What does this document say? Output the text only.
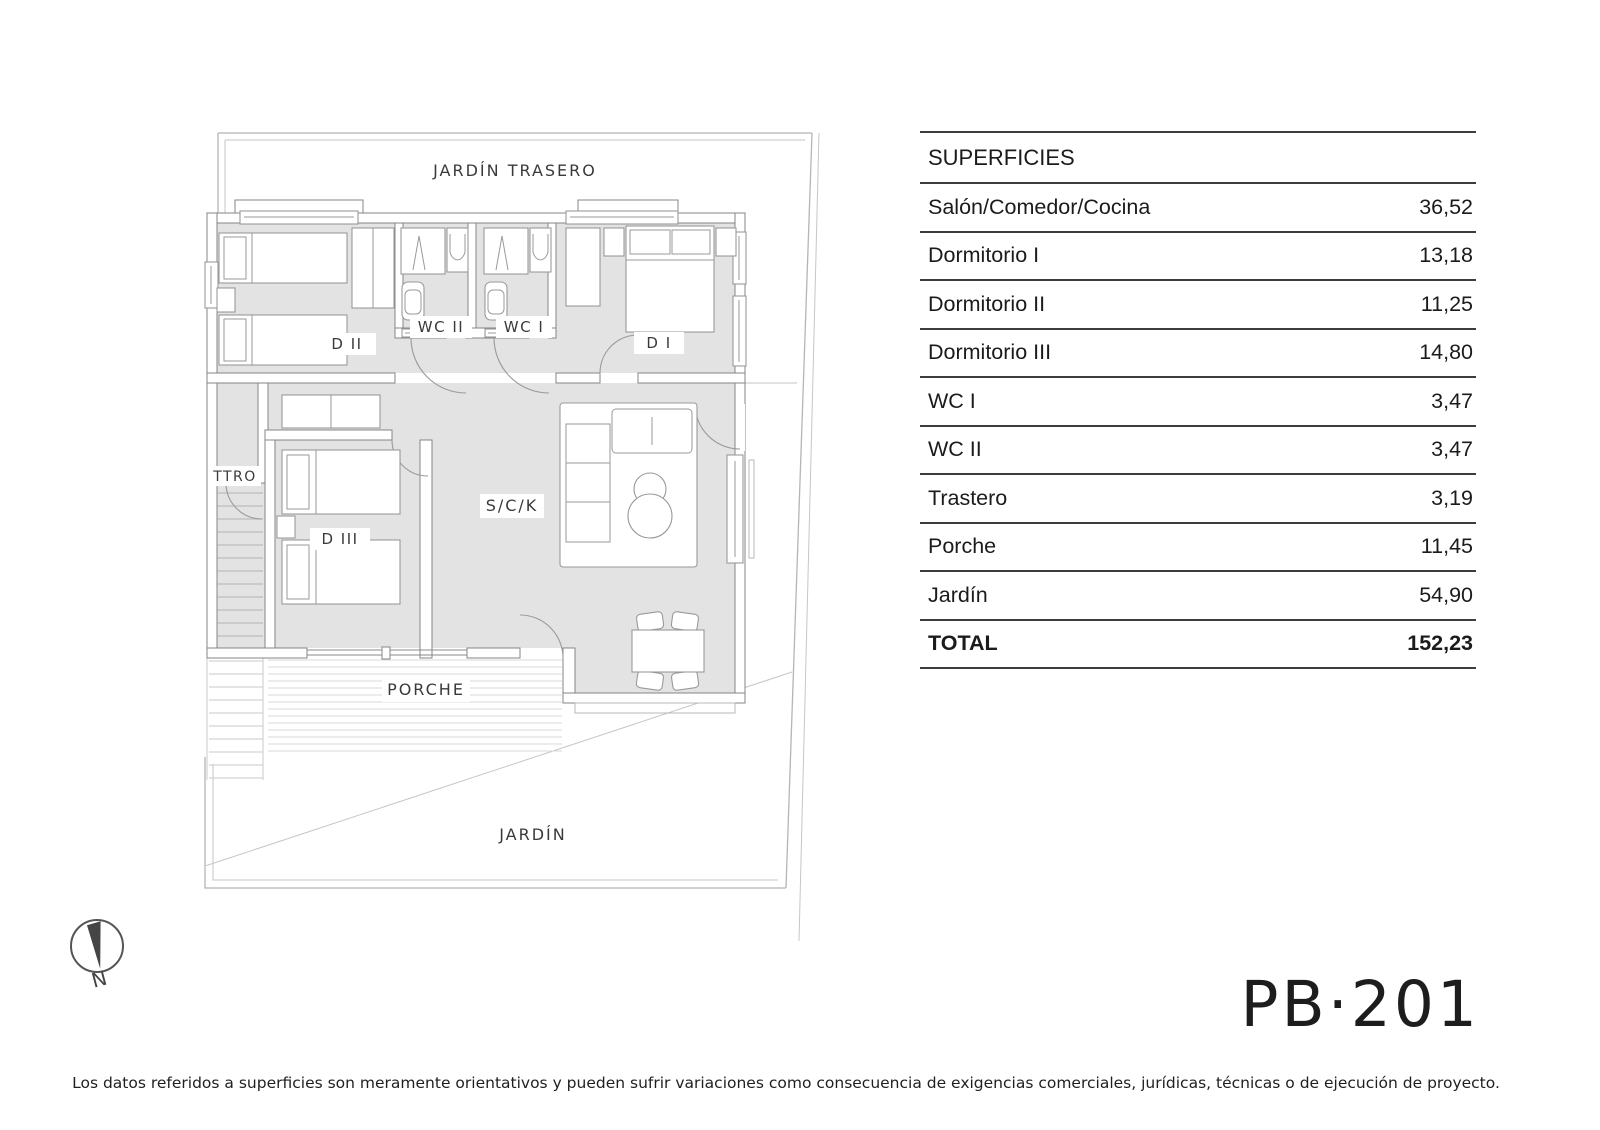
JARDÍN TRASERO
D II
WC II	WC I
D I
TTRO
D III
S/C/K
PORCHE
JARDÍN
N
SUPERFICIES
Salón/Comedor/Cocina	36,52
Dormitorio I	13,18
Dormitorio II	11,25
Dormitorio III	14,80
WC I	3,47
WC II	3,47
Trastero	3,19
Porche	11,45
Jardín	54,90
TOTAL	152,23
PB·201
Los datos referidos a superficies son meramente orientativos y pueden sufrir variaciones como consecuencia de exigencias comerciales, jurídicas, técnicas o de ejecución de proyecto.
